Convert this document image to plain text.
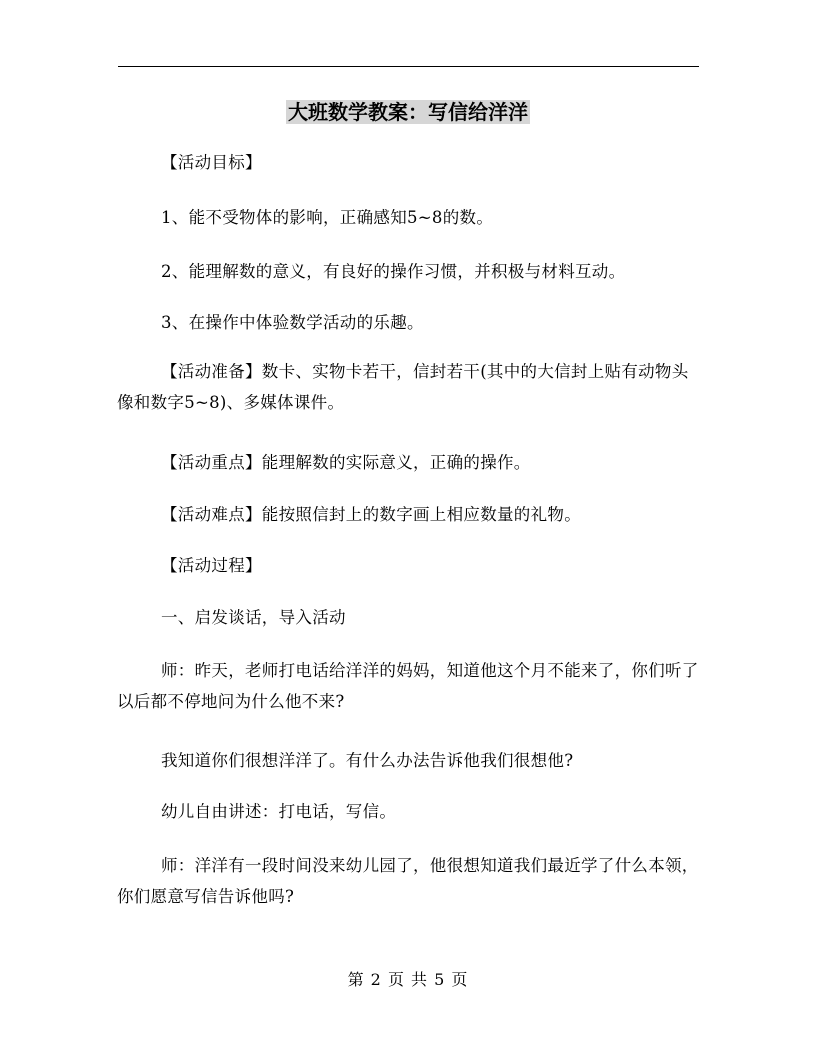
大班数学教案：写信给洋洋
【活动目标】
1、能不受物体的影响，正确感知5~8的数。
2、能理解数的意义，有良好的操作习惯，并积极与材料互动。
3、在操作中体验数学活动的乐趣。
【活动准备】数卡、实物卡若干，信封若干(其中的大信封上贴有动物头像和数字5~8)、多媒体课件。
【活动重点】能理解数的实际意义，正确的操作。
【活动难点】能按照信封上的数字画上相应数量的礼物。
【活动过程】
一、启发谈话，导入活动
师：昨天，老师打电话给洋洋的妈妈，知道他这个月不能来了，你们听了以后都不停地问为什么他不来?
我知道你们很想洋洋了。有什么办法告诉他我们很想他?
幼儿自由讲述：打电话，写信。
师：洋洋有一段时间没来幼儿园了，他很想知道我们最近学了什么本领，你们愿意写信告诉他吗?
第 2 页 共 5 页
